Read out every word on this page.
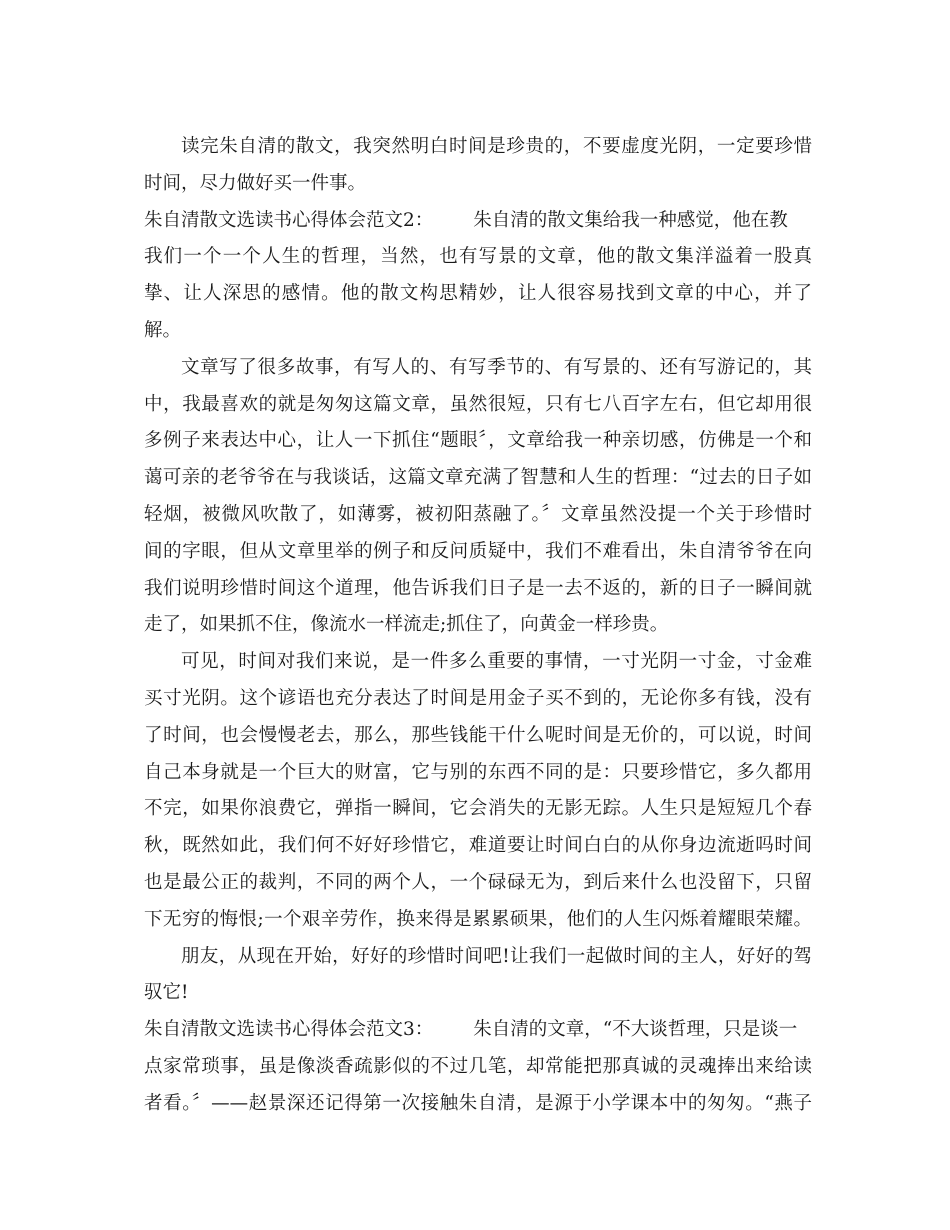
读完朱自清的散文，我突然明白时间是珍贵的，不要虚度光阴，一定要珍惜
时间，尽力做好买一件事。
朱自清散文选读书心得体会范文2： 朱自清的散文集给我一种感觉，他在教
我们一个一个人生的哲理，当然，也有写景的文章，他的散文集洋溢着一股真
挚、让人深思的感情。他的散文构思精妙，让人很容易找到文章的中心，并了
解。
文章写了很多故事，有写人的、有写季节的、有写景的、还有写游记的，其
中，我最喜欢的就是匆匆这篇文章，虽然很短，只有七八百字左右，但它却用很
多例子来表达中心，让人一下抓住“题眼〞，文章给我一种亲切感，仿佛是一个和
蔼可亲的老爷爷在与我谈话，这篇文章充满了智慧和人生的哲理：“过去的日子如
轻烟，被微风吹散了，如薄雾，被初阳蒸融了。〞文章虽然没提一个关于珍惜时
间的字眼，但从文章里举的例子和反问质疑中，我们不难看出，朱自清爷爷在向
我们说明珍惜时间这个道理，他告诉我们日子是一去不返的，新的日子一瞬间就
走了，如果抓不住，像流水一样流走;抓住了，向黄金一样珍贵。
可见，时间对我们来说，是一件多么重要的事情，一寸光阴一寸金，寸金难
买寸光阴。这个谚语也充分表达了时间是用金子买不到的，无论你多有钱，没有
了时间，也会慢慢老去，那么，那些钱能干什么呢时间是无价的，可以说，时间
自己本身就是一个巨大的财富，它与别的东西不同的是：只要珍惜它，多久都用
不完，如果你浪费它，弹指一瞬间，它会消失的无影无踪。人生只是短短几个春
秋，既然如此，我们何不好好珍惜它，难道要让时间白白的从你身边流逝吗时间
也是最公正的裁判，不同的两个人，一个碌碌无为，到后来什么也没留下，只留
下无穷的悔恨;一个艰辛劳作，换来得是累累硕果，他们的人生闪烁着耀眼荣耀。
朋友，从现在开始，好好的珍惜时间吧!让我们一起做时间的主人，好好的驾
驭它!
朱自清散文选读书心得体会范文3： 朱自清的文章，“不大谈哲理，只是谈一
点家常琐事，虽是像淡香疏影似的不过几笔，却常能把那真诚的灵魂捧出来给读
者看。〞——赵景深还记得第一次接触朱自清，是源于小学课本中的匆匆。“燕子
